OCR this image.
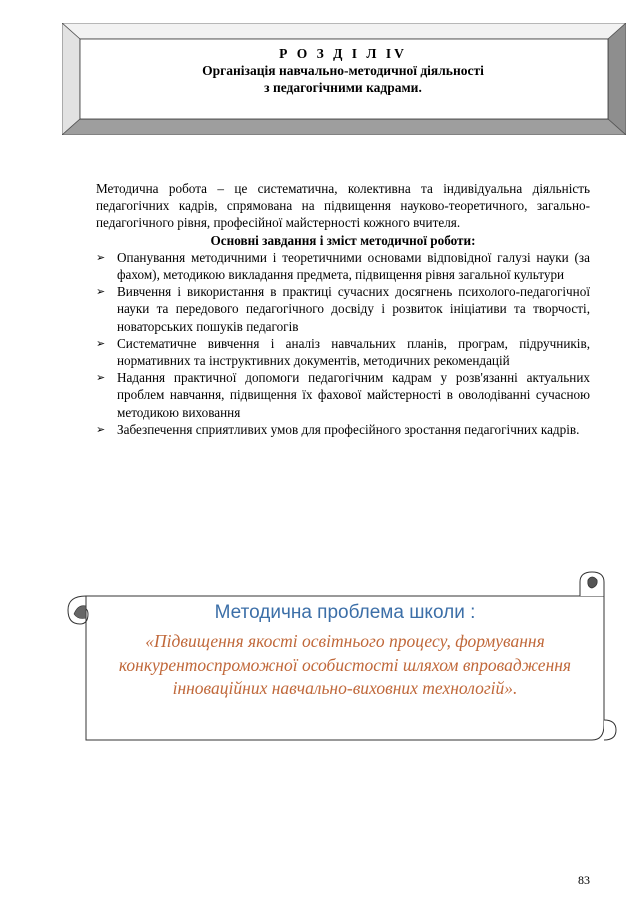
Р О З Д І Л IV
Організація навчально-методичної діяльності
з педагогічними кадрами.

Методична робота – це систематична, колективна та індивідуальна діяльність педагогічних кадрів, спрямована на підвищення науково-теоретичного, загально-педагогічного рівня, професійної майстерності кожного вчителя.

Основні завдання і зміст методичної роботи:
➢ Опанування методичними і теоретичними основами відповідної галузі науки (за фахом), методикою викладання предмета, підвищення рівня загальної культури
➢ Вивчення і використання в практиці сучасних досягнень психолого-педагогічної науки та передового педагогічного досвіду і розвиток ініціативи та творчості, новаторських пошуків педагогів
➢ Систематичне вивчення і аналіз навчальних планів, програм, підручників, нормативних та інструктивних документів, методичних рекомендацій
➢ Надання практичної допомоги педагогічним кадрам у розв'язанні актуальних проблем навчання, підвищення їх фахової майстерності в оволодіванні сучасною методикою виховання
➢ Забезпечення сприятливих умов для професійного зростання педагогічних кадрів.
Методична проблема школи :
«Підвищення якості освітнього процесу, формування конкурентоспроможної особистості шляхом впровадження інноваційних навчально-виховних технологій».
83
